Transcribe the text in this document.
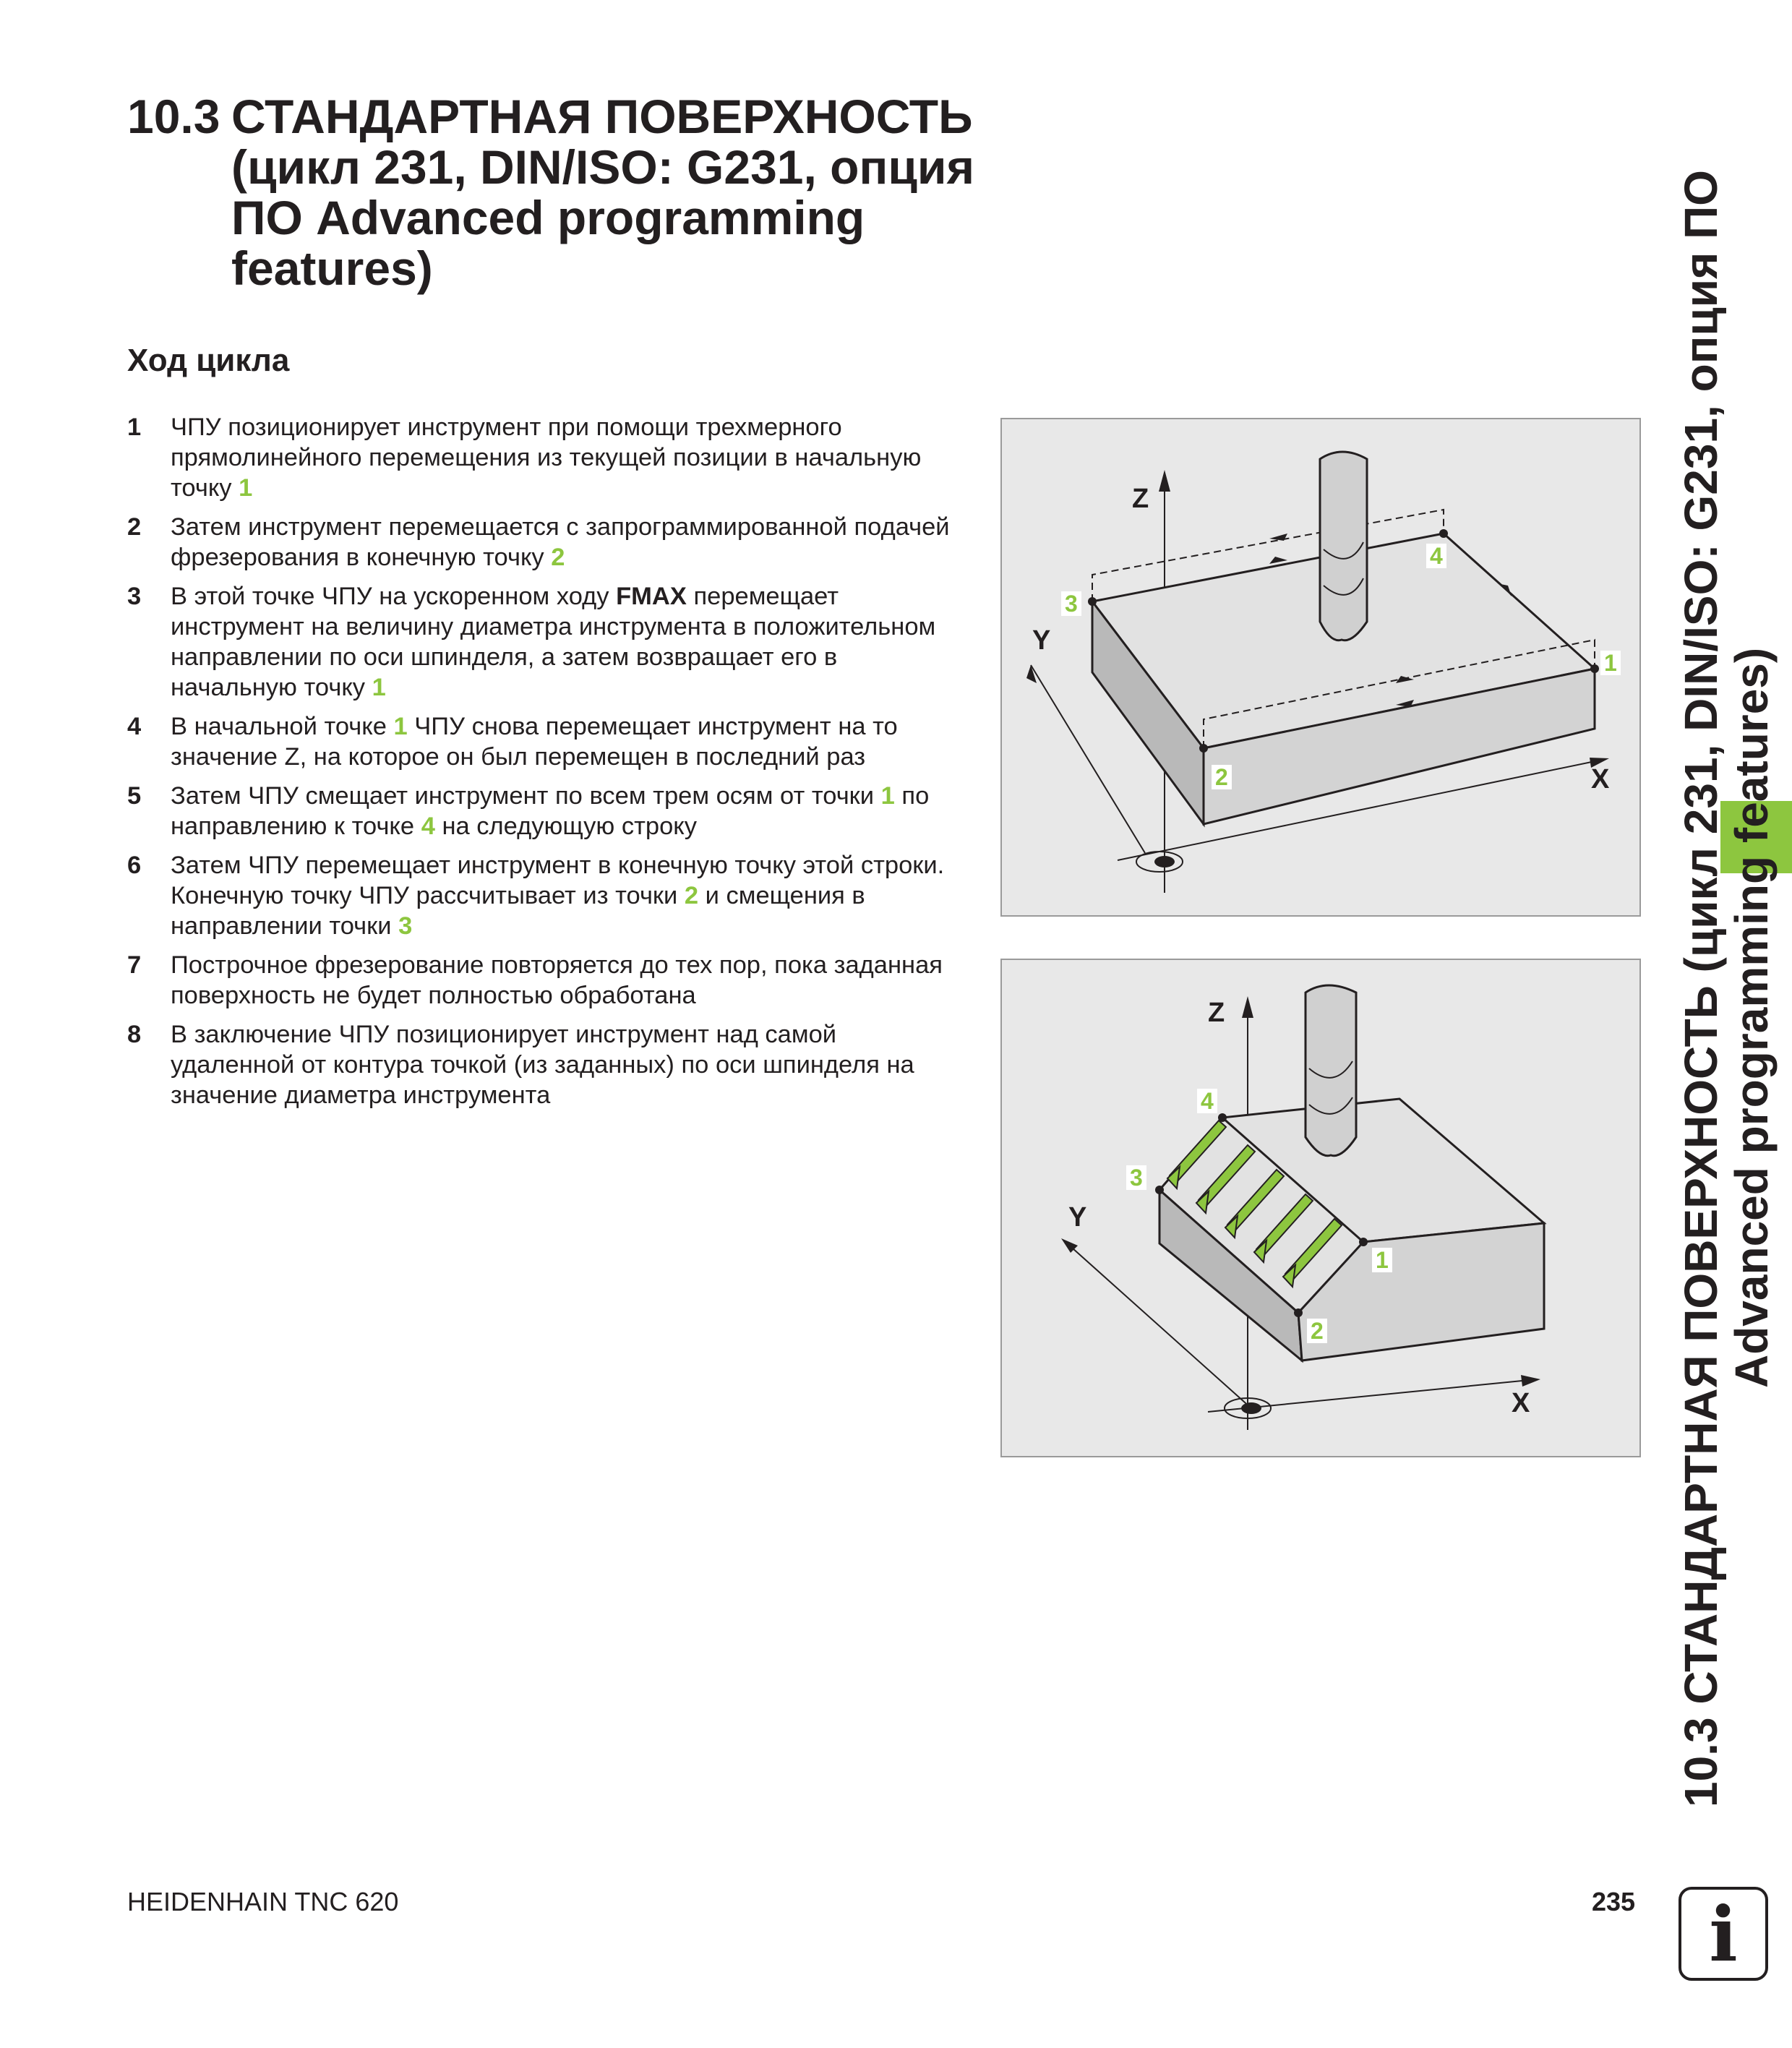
10.3 СТАНДАРТНАЯ ПОВЕРХНОСТЬ
(цикл 231, DIN/ISO: G231, опция
ПО Advanced programming
features)
Ход цикла
1 ЧПУ позиционирует инструмент при помощи трехмерного прямолинейного перемещения из текущей позиции в начальную точку 1
2 Затем инструмент перемещается с запрограммированной подачей фрезерования в конечную точку 2
3 В этой точке ЧПУ на ускоренном ходу FMAX перемещает инструмент на величину диаметра инструмента в положительном направлении по оси шпинделя, а затем возвращает его в начальную точку 1
4 В начальной точке 1 ЧПУ снова перемещает инструмент на то значение Z, на которое он был перемещен в последний раз
5 Затем ЧПУ смещает инструмент по всем трем осям от точки 1 по направлению к точке 4 на следующую строку
6 Затем ЧПУ перемещает инструмент в конечную точку этой строки. Конечную точку ЧПУ рассчитывает из точки 2 и смещения в направлении точки 3
7 Построчное фрезерование повторяется до тех пор, пока заданная поверхность не будет полностью обработана
8 В заключение ЧПУ позиционирует инструмент над самой удаленной от контура точкой (из заданных) по оси шпинделя на значение диаметра инструмента
Z
Y
X
1
2
3
4
Z
Y
X
1
2
3
4	10.3 СТАНДАРТНАЯ ПОВЕРХНОСТЬ (цикл 231, DIN/ISO: G231, опция ПО
Advanced programming features)
HEIDENHAIN TNC 620	235 i
